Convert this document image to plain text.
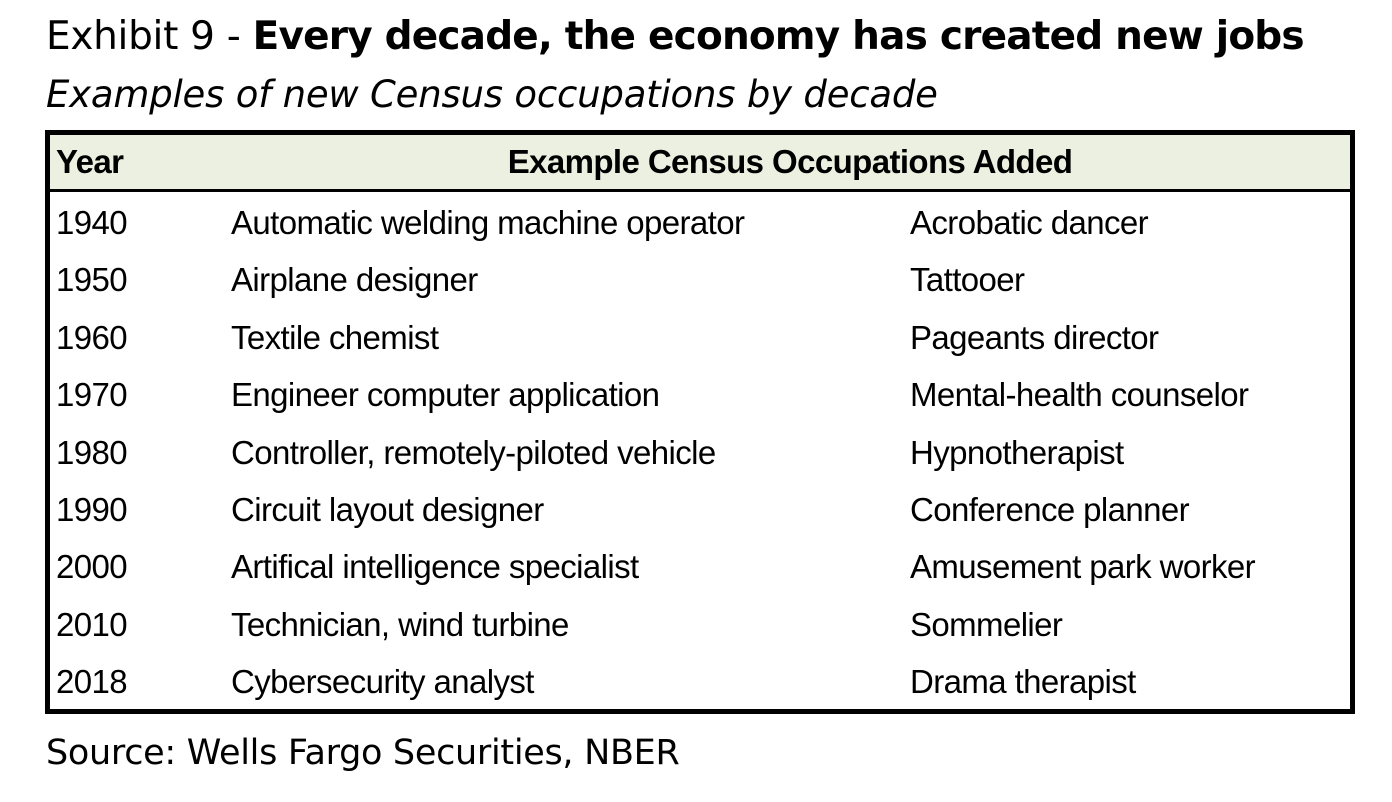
Exhibit 9 - Every decade, the economy has created new jobs
Examples of new Census occupations by decade
Year	Example Census Occupations Added
1940	Automatic welding machine operator	Acrobatic dancer
1950	Airplane designer	Tattooer
1960	Textile chemist	Pageants director
1970	Engineer computer application	Mental-health counselor
1980	Controller, remotely-piloted vehicle	Hypnotherapist
1990	Circuit layout designer	Conference planner
2000	Artifical intelligence specialist	Amusement park worker
2010	Technician, wind turbine	Sommelier
2018	Cybersecurity analyst	Drama therapist
Source: Wells Fargo Securities, NBER
